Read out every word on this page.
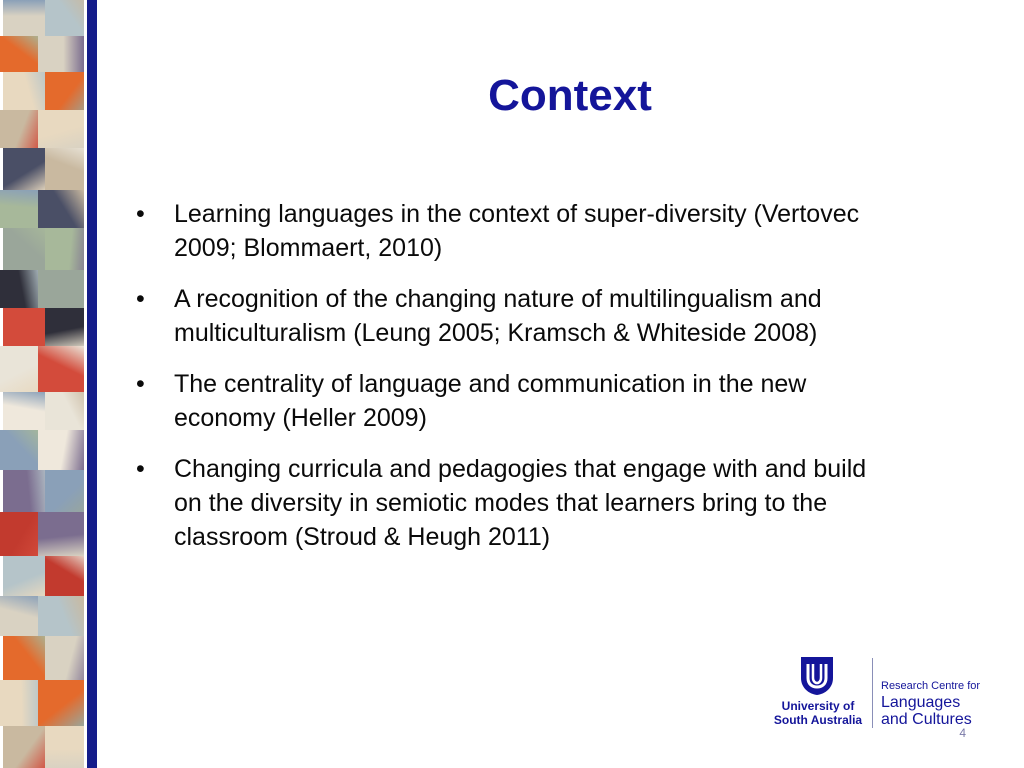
Context
• Learning languages in the context of super-diversity (Vertovec
2009; Blommaert, 2010)
• A recognition of the changing nature of multilingualism and
multiculturalism (Leung 2005; Kramsch & Whiteside 2008)
• The centrality of language and communication in the new
economy (Heller 2009)
• Changing curricula and pedagogies that engage with and build
on the diversity in semiotic modes that learners bring to the
classroom (Stroud & Heugh 2011)
University of
South Australia
Research Centre for
Languages
and Cultures
4
